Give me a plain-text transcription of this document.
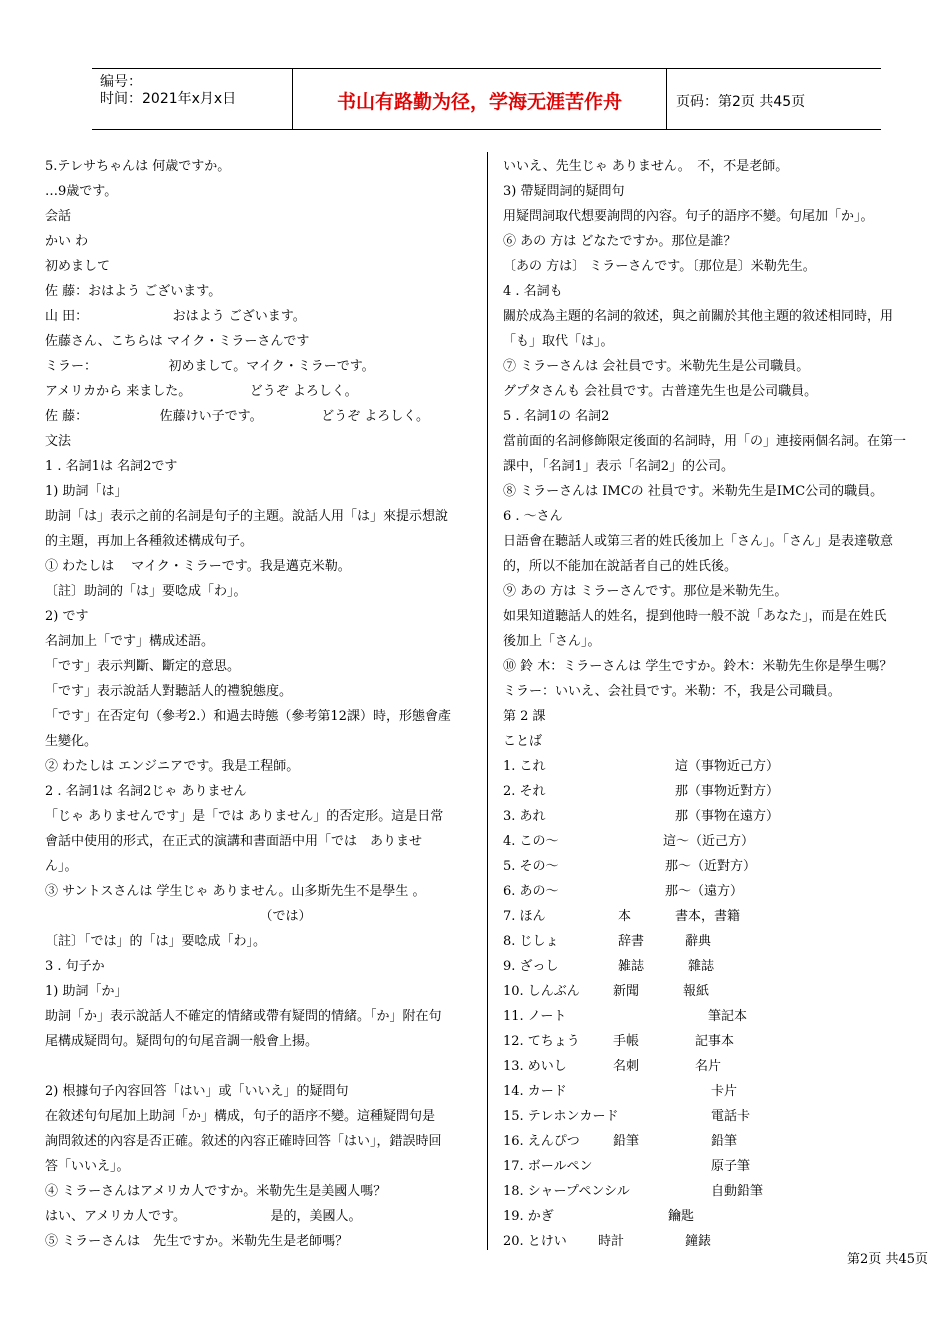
编号：
时间：2021年x月x日	书山有路勤为径，学海无涯苦作舟	页码：第2页 共45页
5.テレサちゃんは 何歳ですか。
…9歳です。
会話
かい わ
初めまして
佐 藤：おはよう ございます。
山 田：　　　　　　　おはよう ございます。
佐藤さん、こちらは マイク・ミラーさんです
ミラー：　　　　　　初めまして。マイク・ミラーです。
アメリカから 来ました。　　　　　どうぞ よろしく。
佐 藤：　　　　　　佐藤けい子です。　　　　　どうぞ よろしく。
文法
1 . 名詞1は 名詞2です
1) 助詞「は」
助詞「は」表示之前的名詞是句子的主題。說話人用「は」來提示想說
的主題，再加上各種敘述構成句子。
① わたしは　 マイク・ミラーです。我是邁克米勒。
〔註〕助詞的「は」要唸成「わ」。
2) です
名詞加上「です」構成述語。
「です」表示判斷、斷定的意思。
「です」表示說話人對聽話人的禮貌態度。
「です」在否定句（參考2.）和過去時態（參考第12課）時，形態會產
生變化。
② わたしは エンジニアです。我是工程師。
2 . 名詞1は 名詞2じゃ ありません
「じゃ ありませんです」是「では ありません」的否定形。這是日常
會話中使用的形式，在正式的演講和書面語中用「では　ありませ
ん」。
③ サントスさんは 学生じゃ ありません。山多斯先生不是學生 。
　　　　　　　　　　　　　　　　　（では）
〔註〕「では」的「は」要唸成「わ」。
3 . 句子か
1) 助詞「か」
助詞「か」表示說話人不確定的情緒或帶有疑問的情緒。「か」附在句
尾構成疑問句。疑問句的句尾音調一般會上揚。
2) 根據句子內容回答「はい」或「いいえ」的疑問句
在敘述句句尾加上助詞「か」構成，句子的語序不變。這種疑問句是
詢問敘述的內容是否正確。敘述的內容正確時回答「はい」，錯誤時回
答「いいえ」。
④ ミラーさんはアメリカ人ですか。米勒先生是美國人嗎？
はい、アメリカ人です。　　　　　　　是的，美國人。
⑤ ミラーさんは　先生ですか。米勒先生是老師嗎？
いいえ、先生じゃ ありません。　不，不是老師。
3) 帶疑問詞的疑問句
用疑問詞取代想要詢問的內容。句子的語序不變。句尾加「か」。
⑥ あの 方は どなたですか。那位是誰？
〔あの 方は〕 ミラーさんです。〔那位是〕米勒先生。
4 . 名詞も
關於成為主題的名詞的敘述，與之前關於其他主題的敘述相同時，用
「も」取代「は」。
⑦ ミラーさんは 会社員です。米勒先生是公司職員。
グプタさんも 会社員です。古普達先生也是公司職員。
5 . 名詞1の 名詞2
當前面的名詞修飾限定後面的名詞時，用「の」連接兩個名詞。在第一
課中，「名詞1」表示「名詞2」的公司。
⑧ ミラーさんは IMCの 社員です。米勒先生是IMC公司的職員。
6 . ～さん
日語會在聽話人或第三者的姓氏後加上「さん」。「さん」是表達敬意
的，所以不能加在說話者自己的姓氏後。
⑨ あの 方は ミラーさんです。那位是米勒先生。
如果知道聽話人的姓名，提到他時一般不說「あなた」，而是在姓氏
後加上「さん」。
⑩ 鈴 木：ミラーさんは 学生ですか。鈴木：米勒先生你是學生嗎？
ミラー：いいえ、会社員です。米勒：不，我是公司職員。
第 2 課
ことば
1. これ	這（事物近己方）
2. それ	那（事物近對方）
3. あれ	那（事物在遠方）
4. この～	這～（近己方）
5. その～	那～（近對方）
6. あの～	那～（遠方）
7. ほん	本	書本，書籍
8. じしょ	辞書	辭典
9. ざっし	雑誌	雜誌
10. しんぶん	新聞	報紙
11. ノート	筆記本
12. てちょう	手帳	記事本
13. めいし	名刺	名片
14. カード	卡片
15. テレホンカード	電話卡
16. えんぴつ	鉛筆	鉛筆
17. ボールペン	原子筆
18. シャープペンシル	自動鉛筆
19. かぎ	鑰匙
20. とけい 時計	鐘錶
第2页 共45页
